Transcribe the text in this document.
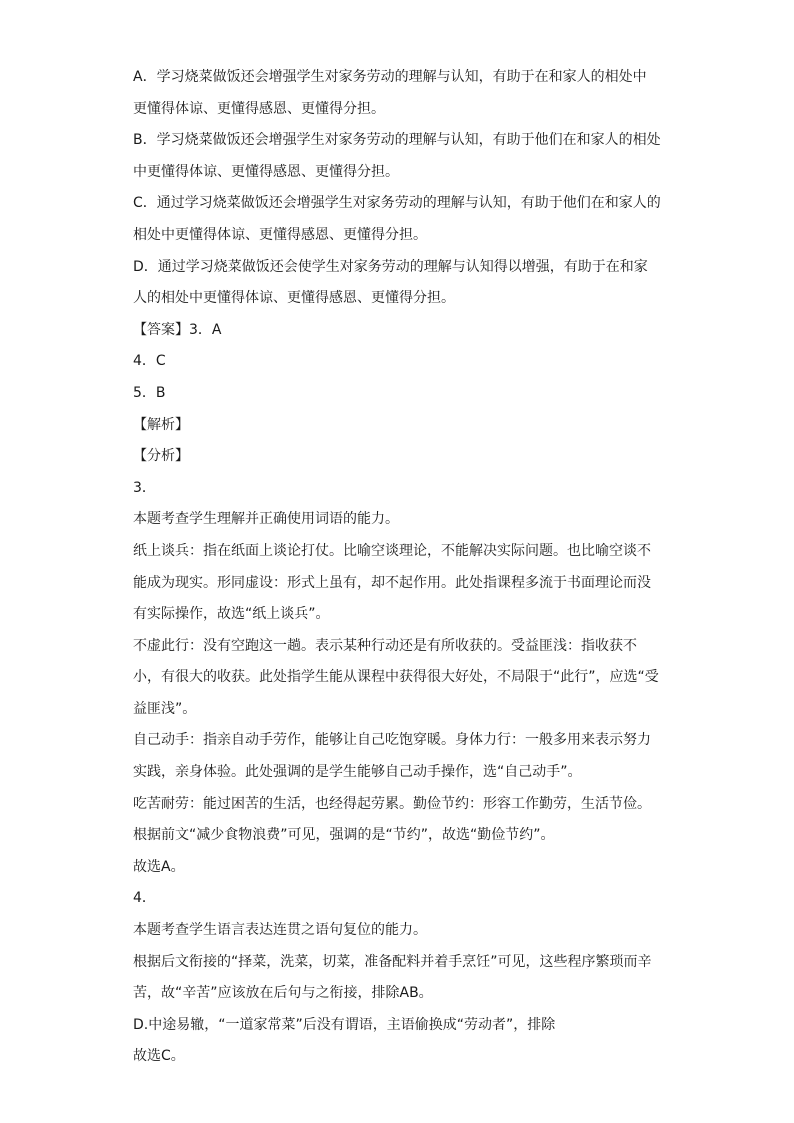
A．学习烧菜做饭还会增强学生对家务劳动的理解与认知，有助于在和家人的相处中
更懂得体谅、更懂得感恩、更懂得分担。
B．学习烧菜做饭还会增强学生对家务劳动的理解与认知，有助于他们在和家人的相处
中更懂得体谅、更懂得感恩、更懂得分担。
C．通过学习烧菜做饭还会增强学生对家务劳动的理解与认知，有助于他们在和家人的
相处中更懂得体谅、更懂得感恩、更懂得分担。
D．通过学习烧菜做饭还会使学生对家务劳动的理解与认知得以增强，有助于在和家
人的相处中更懂得体谅、更懂得感恩、更懂得分担。
【答案】3．A
4．C
5．B
【解析】
【分析】
3．
本题考查学生理解并正确使用词语的能力。
纸上谈兵：指在纸面上谈论打仗。比喻空谈理论，不能解决实际问题。也比喻空谈不
能成为现实。形同虚设：形式上虽有，却不起作用。此处指课程多流于书面理论而没
有实际操作，故选“纸上谈兵”。
不虚此行：没有空跑这一趟。表示某种行动还是有所收获的。受益匪浅：指收获不
小，有很大的收获。此处指学生能从课程中获得很大好处，不局限于“此行”，应选“受
益匪浅”。
自己动手：指亲自动手劳作，能够让自己吃饱穿暖。身体力行：一般多用来表示努力
实践，亲身体验。此处强调的是学生能够自己动手操作，选“自己动手”。
吃苦耐劳：能过困苦的生活，也经得起劳累。勤俭节约：形容工作勤劳，生活节俭。
根据前文“减少食物浪费”可见，强调的是“节约”，故选“勤俭节约”。
故选A。
4．
本题考查学生语言表达连贯之语句复位的能力。
根据后文衔接的“择菜，洗菜，切菜，准备配料并着手烹饪”可见，这些程序繁琐而辛
苦，故“辛苦”应该放在后句与之衔接，排除AB。
D.中途易辙，“一道家常菜”后没有谓语，主语偷换成“劳动者”，排除
故选C。
